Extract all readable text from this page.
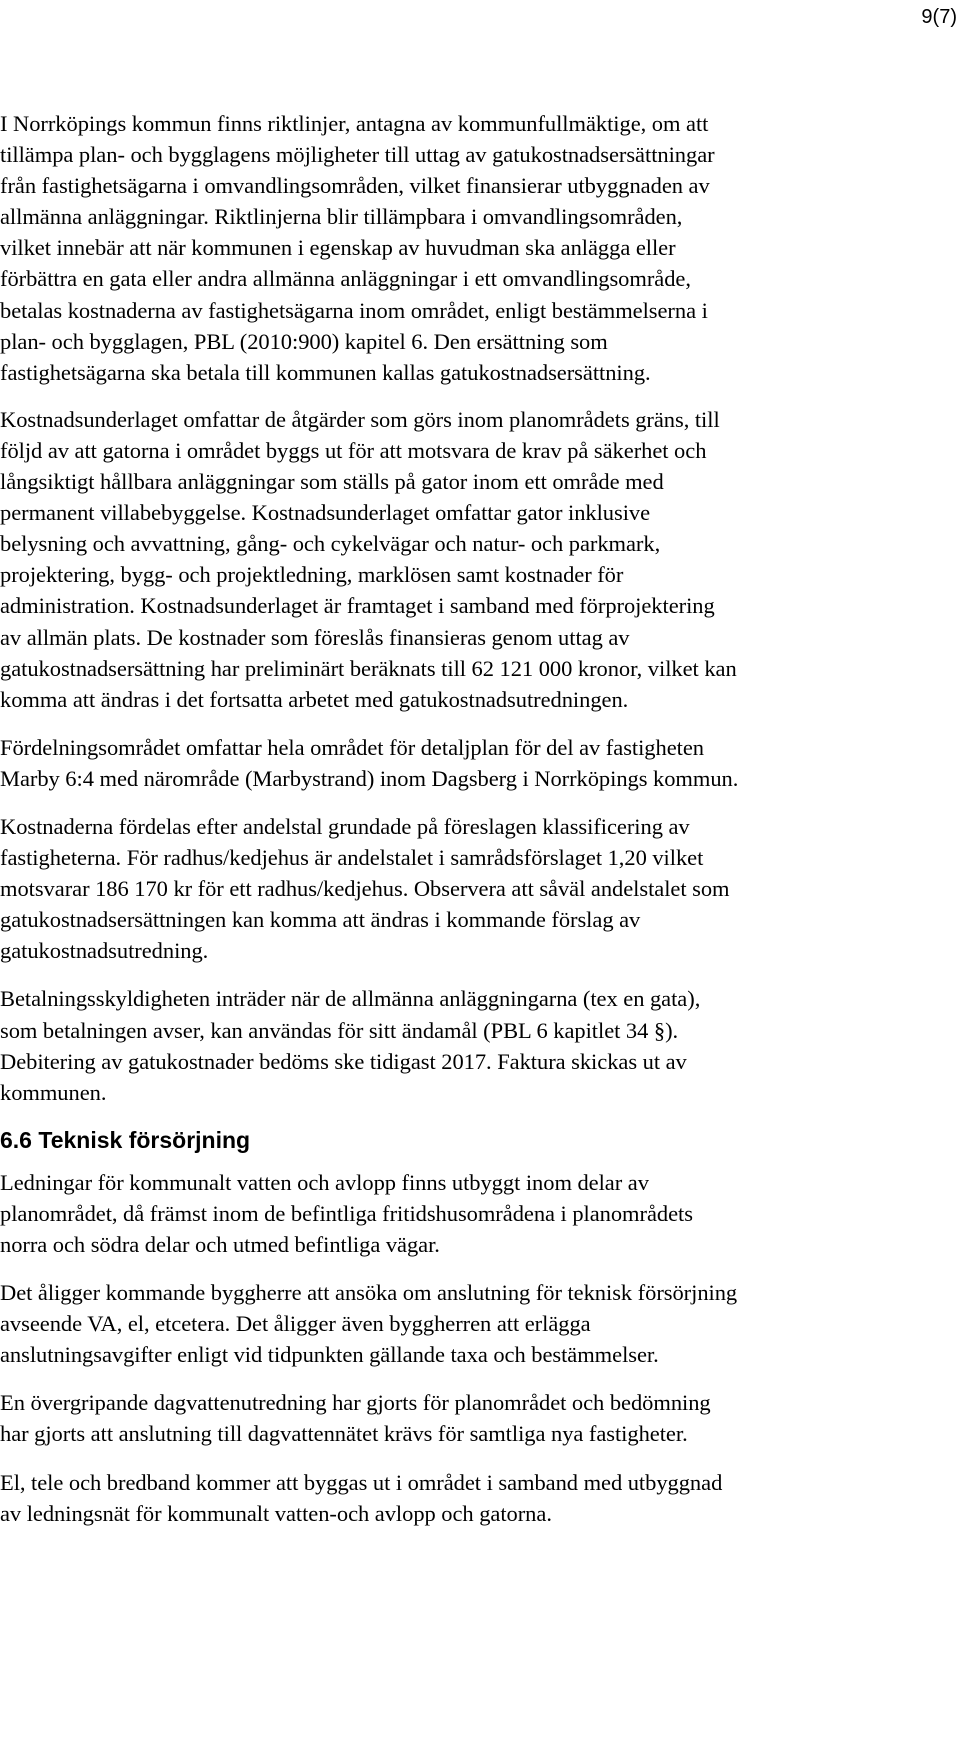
9(7)

I Norrköpings kommun finns riktlinjer, antagna av kommunfullmäktige, om att
tillämpa plan- och bygglagens möjligheter till uttag av gatukostnadsersättningar
från fastighetsägarna i omvandlingsområden, vilket finansierar utbyggnaden av
allmänna anläggningar. Riktlinjerna blir tillämpbara i omvandlingsområden,
vilket innebär att när kommunen i egenskap av huvudman ska anlägga eller
förbättra en gata eller andra allmänna anläggningar i ett omvandlingsområde,
betalas kostnaderna av fastighetsägarna inom området, enligt bestämmelserna i
plan- och bygglagen, PBL (2010:900) kapitel 6. Den ersättning som
fastighetsägarna ska betala till kommunen kallas gatukostnadsersättning.

Kostnadsunderlaget omfattar de åtgärder som görs inom planområdets gräns, till
följd av att gatorna i området byggs ut för att motsvara de krav på säkerhet och
långsiktigt hållbara anläggningar som ställs på gator inom ett område med
permanent villabebyggelse. Kostnadsunderlaget omfattar gator inklusive
belysning och avvattning, gång- och cykelvägar och natur- och parkmark,
projektering, bygg- och projektledning, marklösen samt kostnader för
administration. Kostnadsunderlaget är framtaget i samband med förprojektering
av allmän plats. De kostnader som föreslås finansieras genom uttag av
gatukostnadsersättning har preliminärt beräknats till 62 121 000 kronor, vilket kan
komma att ändras i det fortsatta arbetet med gatukostnadsutredningen.

Fördelningsområdet omfattar hela området för detaljplan för del av fastigheten
Marby 6:4 med närområde (Marbystrand) inom Dagsberg i Norrköpings kommun.

Kostnaderna fördelas efter andelstal grundade på föreslagen klassificering av
fastigheterna. För radhus/kedjehus är andelstalet i samrådsförslaget 1,20 vilket
motsvarar 186 170 kr för ett radhus/kedjehus. Observera att såväl andelstalet som
gatukostnadsersättningen kan komma att ändras i kommande förslag av
gatukostnadsutredning.

Betalningsskyldigheten inträder när de allmänna anläggningarna (tex en gata),
som betalningen avser, kan användas för sitt ändamål (PBL 6 kapitlet 34 §).
Debitering av gatukostnader bedöms ske tidigast 2017. Faktura skickas ut av
kommunen.

6.6 Teknisk försörjning

Ledningar för kommunalt vatten och avlopp finns utbyggt inom delar av
planområdet, då främst inom de befintliga fritidshusområdena i planområdets
norra och södra delar och utmed befintliga vägar.

Det åligger kommande byggherre att ansöka om anslutning för teknisk försörjning
avseende VA, el, etcetera. Det åligger även byggherren att erlägga
anslutningsavgifter enligt vid tidpunkten gällande taxa och bestämmelser.

En övergripande dagvattenutredning har gjorts för planområdet och bedömning
har gjorts att anslutning till dagvattennätet krävs för samtliga nya fastigheter.

El, tele och bredband kommer att byggas ut i området i samband med utbyggnad
av ledningsnät för kommunalt vatten-och avlopp och gatorna.
